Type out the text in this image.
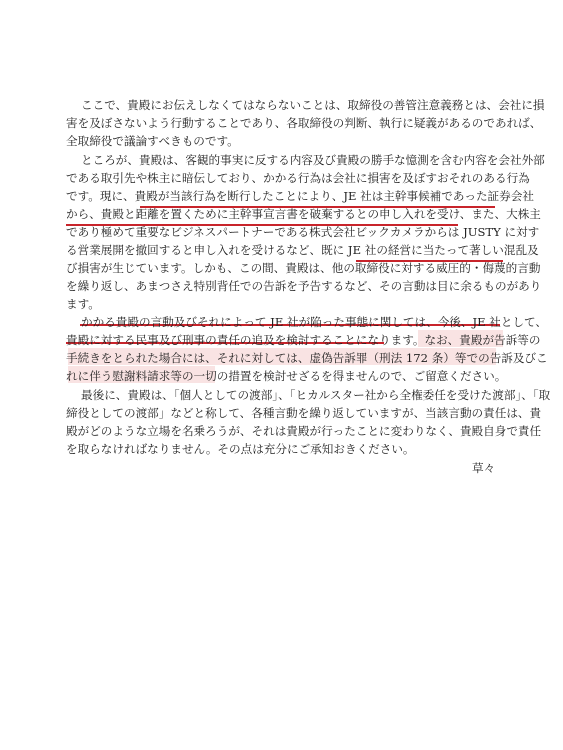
ここで、貴殿にお伝えしなくてはならないことは、取締役の善管注意義務とは、会社に損
害を及ぼさないよう行動することであり、各取締役の判断、執行に疑義があるのであれば、
全取締役で議論すべきものです。
ところが、貴殿は、客観的事実に反する内容及び貴殿の勝手な憶測を含む内容を会社外部
である取引先や株主に暗伝しており、かかる行為は会社に損害を及ぼすおそれのある行為
です。現に、貴殿が当該行為を断行したことにより、JE 社は主幹事候補であった証券会社
から、貴殿と距離を置くために主幹事宣言書を破棄するとの申し入れを受け、また、大株主
であり極めて重要なビジネスパートナーである株式会社ビックカメラからは JUSTY に対す
る営業展開を撤回すると申し入れを受けるなど、既に JE 社の経営に当たって著しい混乱及
び損害が生じています。しかも、この間、貴殿は、他の取締役に対する威圧的・侮蔑的言動
を繰り返し、あまつさえ特別背任での告訴を予告するなど、その言動は目に余るものがあり
ます。
かかる貴殿の言動及びそれによって JE 社が陥った事態に関しては、今後、JE 社として、
貴殿に対する民事及び刑事の責任の追及を検討することになります。なお、貴殿が告訴等の
手続きをとられた場合には、それに対しては、虚偽告訴罪（刑法 172 条）等での告訴及びこ
れに伴う慰謝料請求等の一切の措置を検討せざるを得ませんので、ご留意ください。
最後に、貴殿は、「個人としての渡部」、「ヒカルスター社から全権委任を受けた渡部」、「取
締役としての渡部」などと称して、各種言動を繰り返していますが、当該言動の責任は、貴
殿がどのような立場を名乗ろうが、それは貴殿が行ったことに変わりなく、貴殿自身で責任
を取らなければなりません。その点は充分にご承知おきください。
草々
